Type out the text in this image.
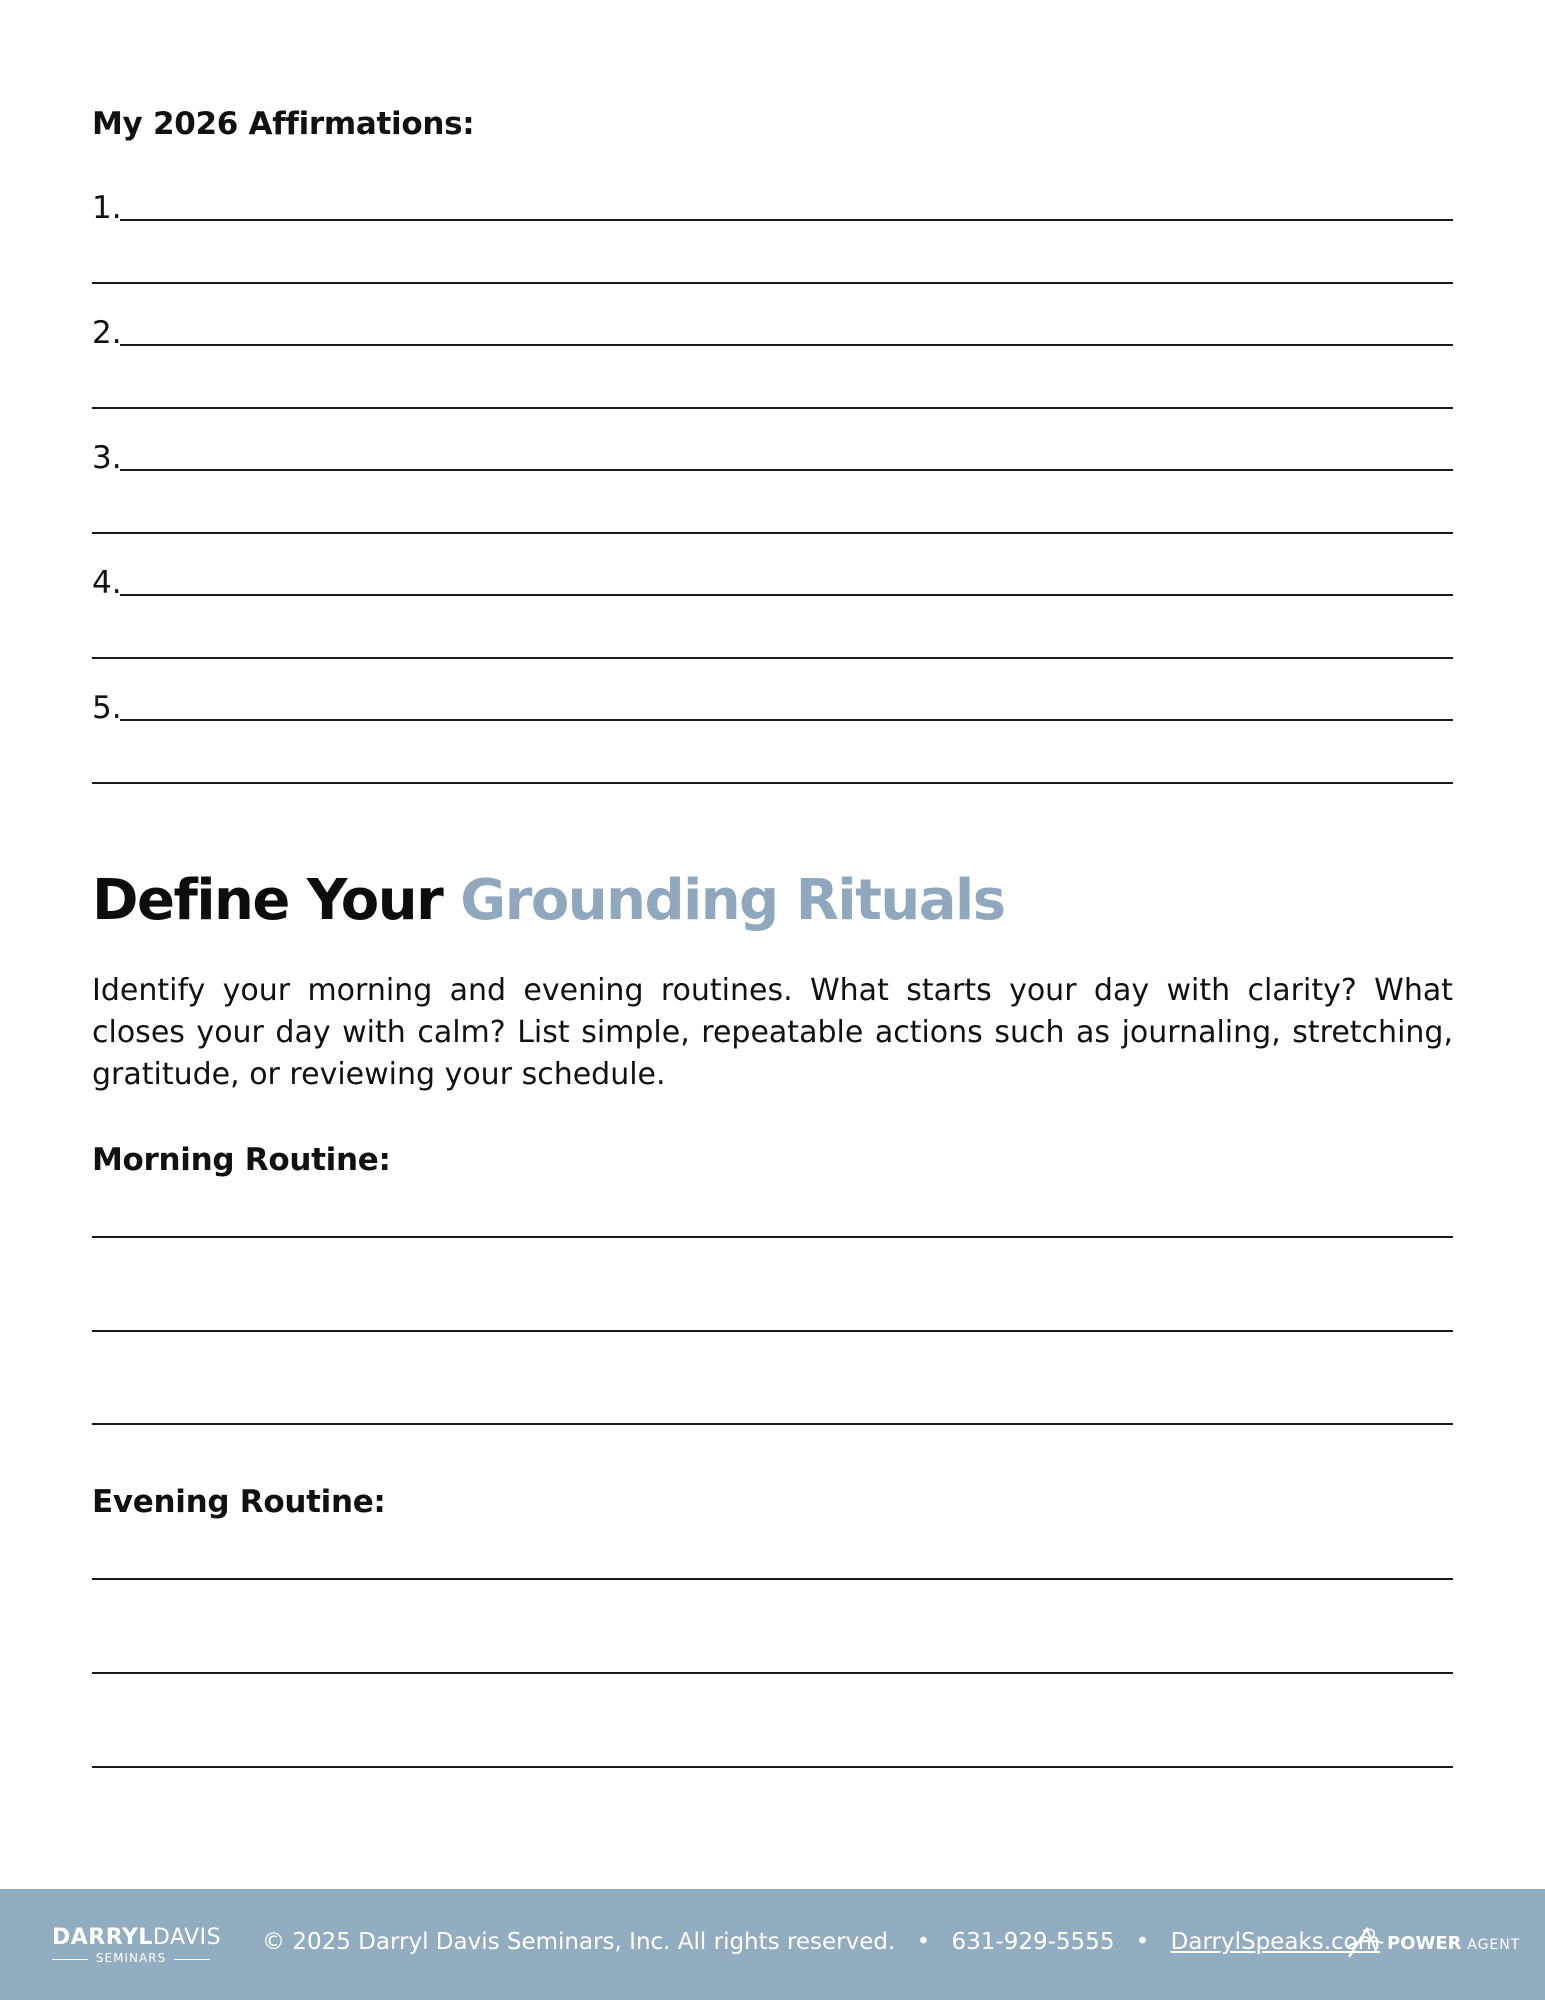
My 2026 Affirmations:
1.
2.
3.
4.
5.
Define Your Grounding Rituals

Identify your morning and evening routines. What starts your day with clarity? What closes your day with calm? List simple, repeatable actions such as journaling, stretching, gratitude, or reviewing your schedule.

Morning Routine:
Evening Routine:
DARRYLDAVIS
SEMINARS
© 2025 Darryl Davis Seminars, Inc. All rights reserved. • 631-929-5555 • DarrylSpeaks.com POWER AGENT
